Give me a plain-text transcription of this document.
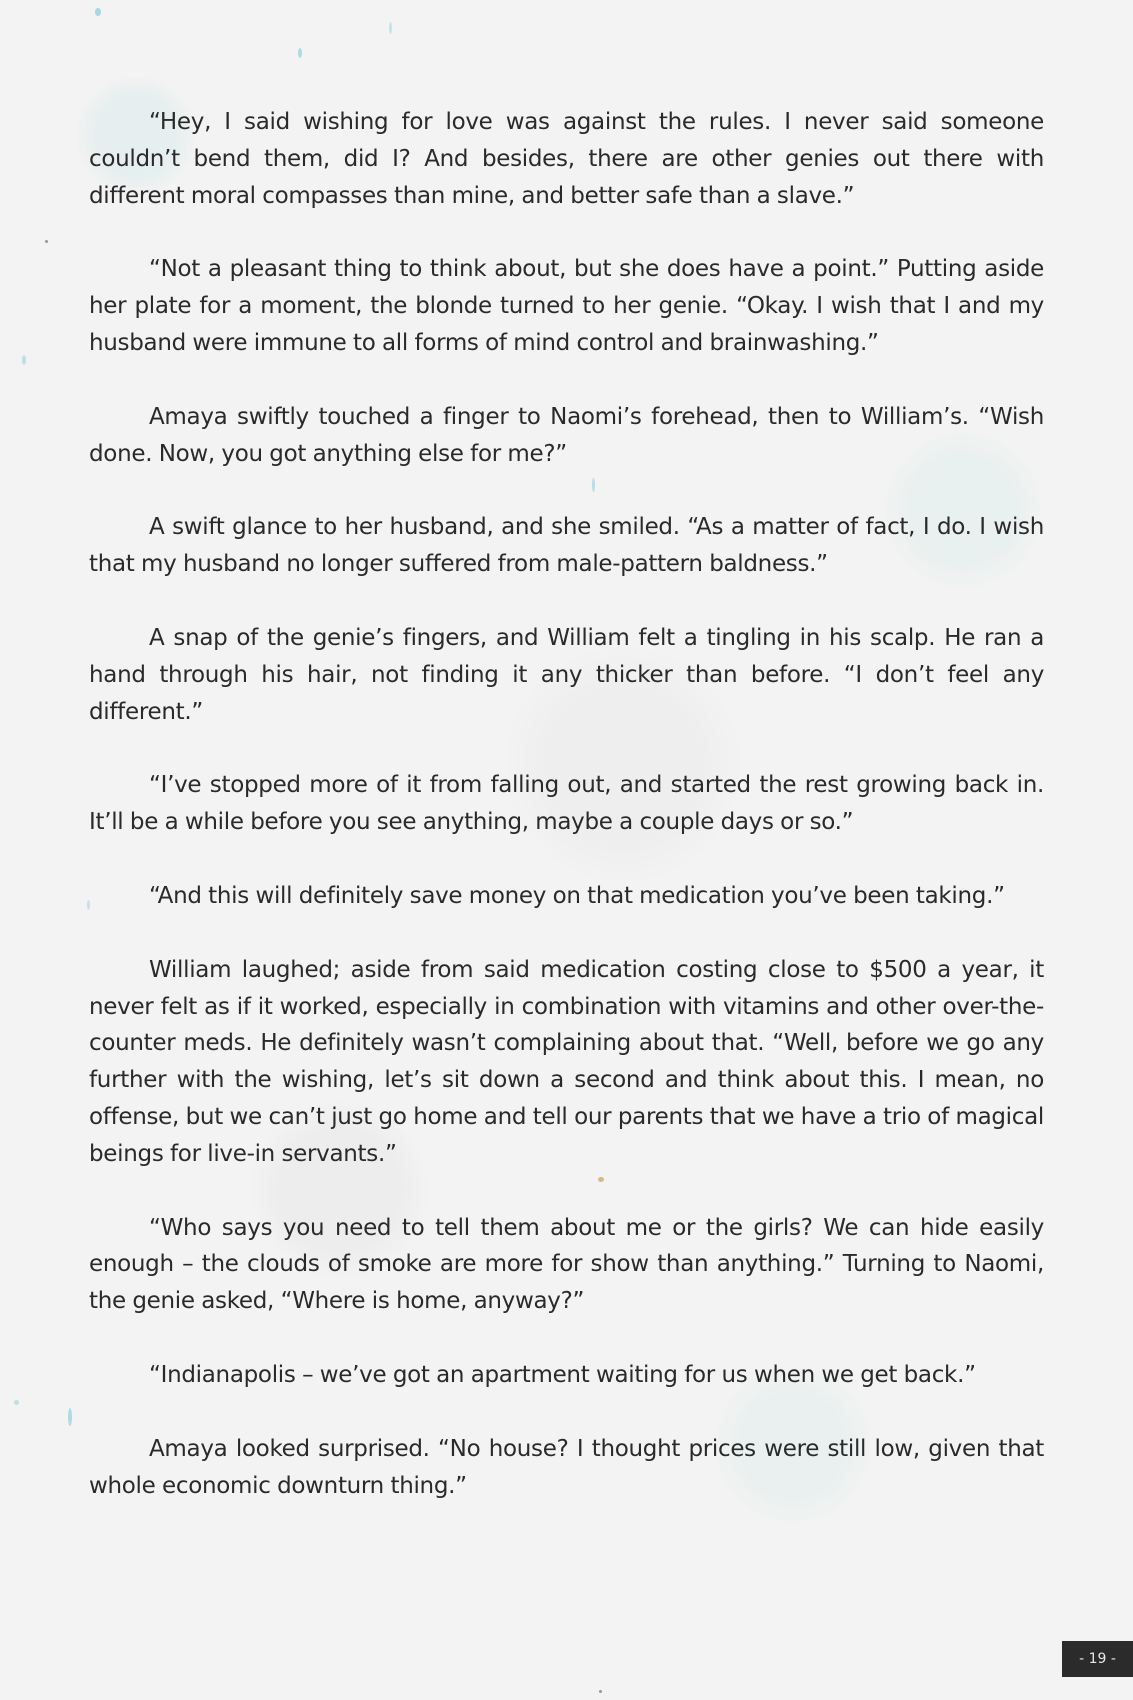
“Hey, I said wishing for love was against the rules. I never said someone couldn’t bend them, did I? And besides, there are other genies out there with different moral compasses than mine, and better safe than a slave.”

“Not a pleasant thing to think about, but she does have a point.” Putting aside her plate for a moment, the blonde turned to her genie. “Okay. I wish that I and my husband were immune to all forms of mind control and brainwashing.”

Amaya swiftly touched a finger to Naomi’s forehead, then to William’s. “Wish done. Now, you got anything else for me?”

A swift glance to her husband, and she smiled. “As a matter of fact, I do. I wish that my husband no longer suffered from male-pattern baldness.”

A snap of the genie’s fingers, and William felt a tingling in his scalp. He ran a hand through his hair, not finding it any thicker than before. “I don’t feel any different.”

“I’ve stopped more of it from falling out, and started the rest growing back in. It’ll be a while before you see anything, maybe a couple days or so.”

“And this will definitely save money on that medication you’ve been taking.”

William laughed; aside from said medication costing close to $500 a year, it never felt as if it worked, especially in combination with vitamins and other over-the-counter meds. He definitely wasn’t complaining about that. “Well, before we go any further with the wishing, let’s sit down a second and think about this. I mean, no offense, but we can’t just go home and tell our parents that we have a trio of magical beings for live-in servants.”

“Who says you need to tell them about me or the girls? We can hide easily enough – the clouds of smoke are more for show than anything.” Turning to Naomi, the genie asked, “Where is home, anyway?”

“Indianapolis – we’ve got an apartment waiting for us when we get back.”

Amaya looked surprised. “No house? I thought prices were still low, given that whole economic downturn thing.”

- 19 -
